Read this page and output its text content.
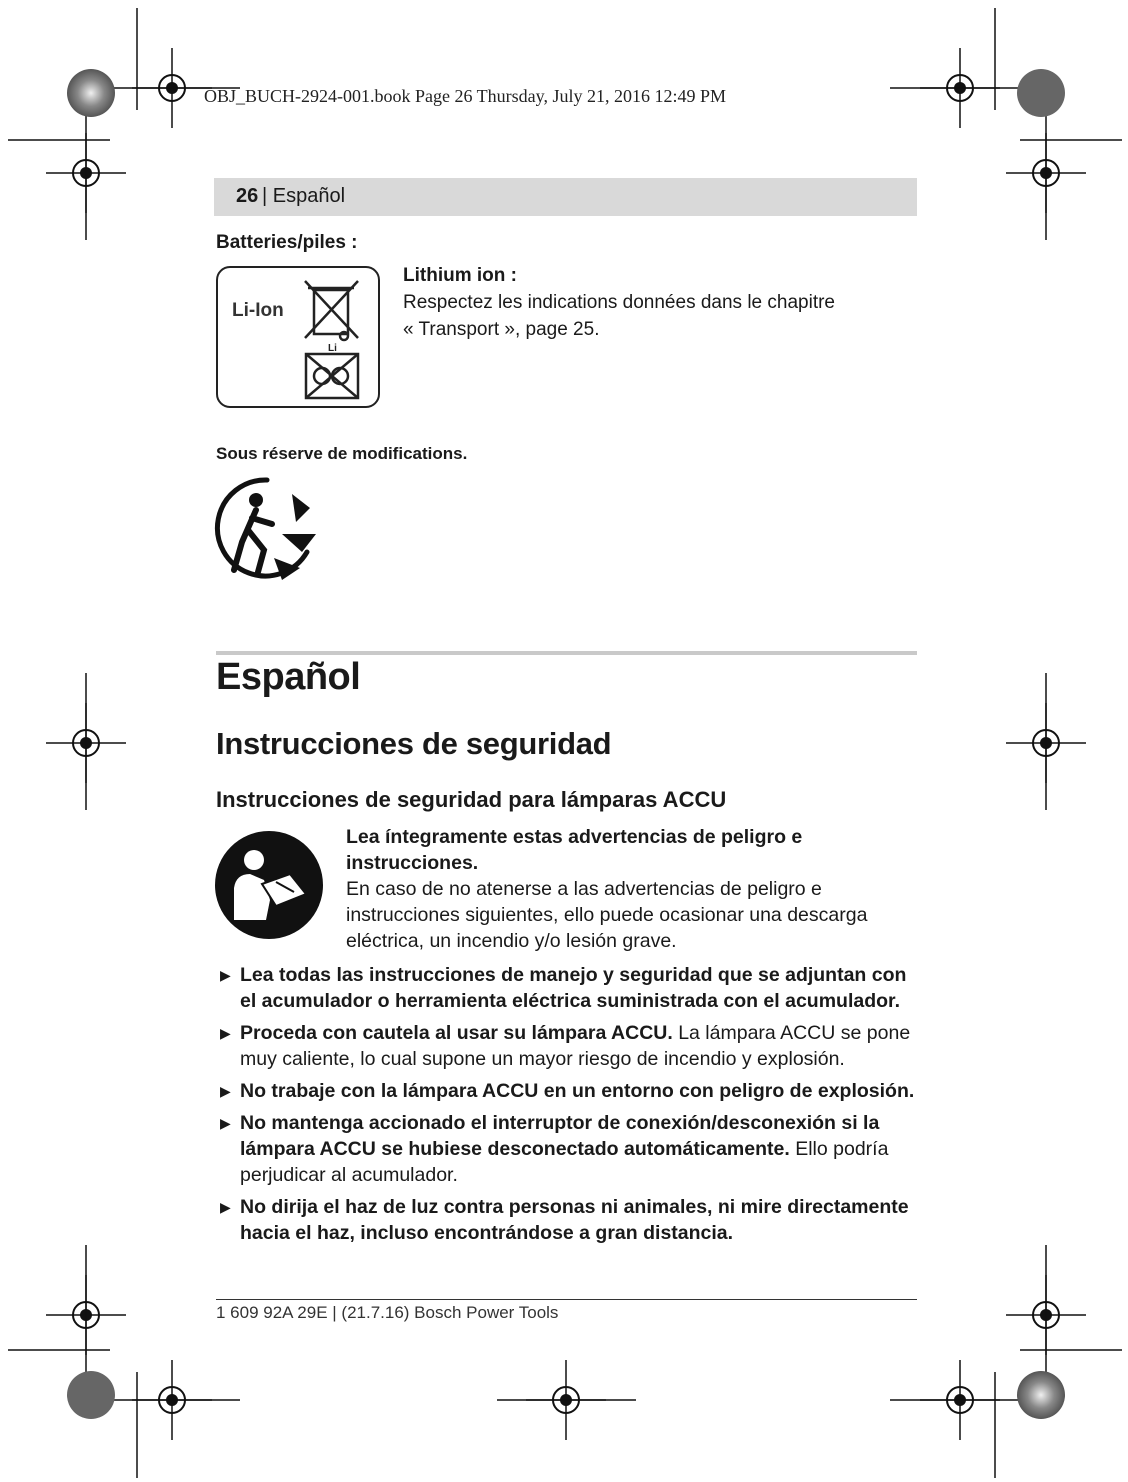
OBJ_BUCH-2924-001.book Page 26 Thursday, July 21, 2016 12:49 PM
26 | Español
Batteries/piles :
Li-Ion
Li
Lithium ion :
Respectez les indications données dans le chapitre
« Transport », page 25.
Sous réserve de modifications.
Español
Instrucciones de seguridad
Instrucciones de seguridad para lámparas ACCU
Lea íntegramente estas advertencias de peligro e instrucciones.
En caso de no atenerse a las advertencias de peligro e instrucciones siguientes, ello puede ocasionar una descarga eléctrica, un incendio y/o lesión grave.
▶ Lea todas las instrucciones de manejo y seguridad que se adjuntan con el acumulador o herramienta eléctrica suministrada con el acumulador.
▶ Proceda con cautela al usar su lámpara ACCU. La lámpara ACCU se pone muy caliente, lo cual supone un mayor riesgo de incendio y explosión.
▶ No trabaje con la lámpara ACCU en un entorno con peligro de explosión.
▶ No mantenga accionado el interruptor de conexión/desconexión si la lámpara ACCU se hubiese desconectado automáticamente. Ello podría perjudicar al acumulador.
▶ No dirija el haz de luz contra personas ni animales, ni mire directamente hacia el haz, incluso encontrándose a gran distancia.
1 609 92A 29E | (21.7.16) Bosch Power Tools
